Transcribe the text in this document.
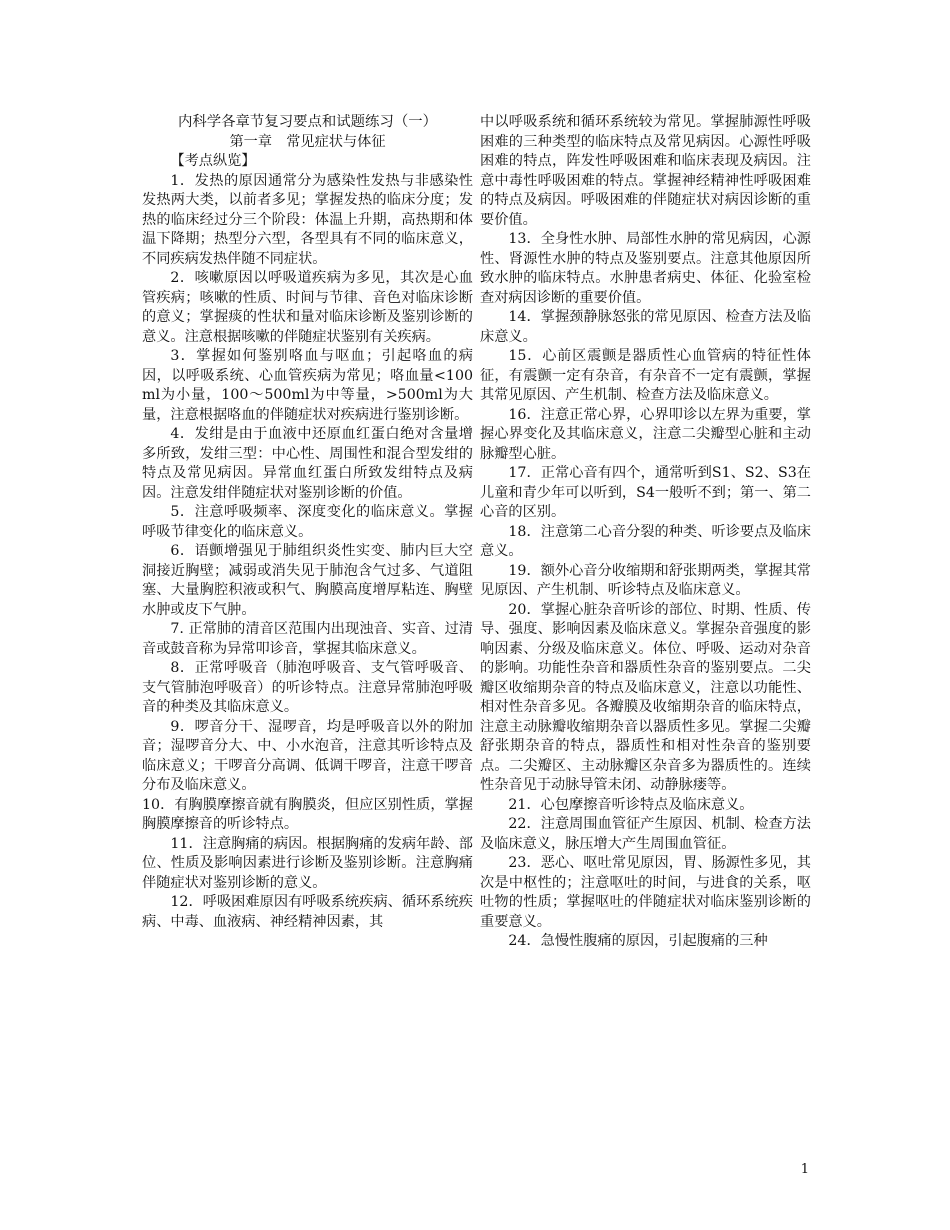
内科学各章节复习要点和试题练习（一）

第一章　常见症状与体征

【考点纵览】

1．发热的原因通常分为感染性发热与非感染性发热两大类，以前者多见；掌握发热的临床分度；发热的临床经过分三个阶段：体温上升期，高热期和体温下降期；热型分六型，各型具有不同的临床意义，不同疾病发热伴随不同症状。

2．咳嗽原因以呼吸道疾病为多见，其次是心血管疾病；咳嗽的性质、时间与节律、音色对临床诊断的意义；掌握痰的性状和量对临床诊断及鉴别诊断的意义。注意根据咳嗽的伴随症状鉴别有关疾病。

3．掌握如何鉴别咯血与呕血；引起咯血的病因，以呼吸系统、心血管疾病为常见；咯血量<100ml为小量，100～500ml为中等量，>500ml为大量，注意根据咯血的伴随症状对疾病进行鉴别诊断。

4．发绀是由于血液中还原血红蛋白绝对含量增多所致，发绀三型：中心性、周围性和混合型发绀的特点及常见病因。异常血红蛋白所致发绀特点及病因。注意发绀伴随症状对鉴别诊断的价值。

5．注意呼吸频率、深度变化的临床意义。掌握呼吸节律变化的临床意义。

6．语颤增强见于肺组织炎性实变、肺内巨大空洞接近胸壁；减弱或消失见于肺泡含气过多、气道阻塞、大量胸腔积液或积气、胸膜高度增厚粘连、胸壁水肿或皮下气肿。

7. 正常肺的清音区范围内出现浊音、实音、过清音或鼓音称为异常叩诊音，掌握其临床意义。

8．正常呼吸音（肺泡呼吸音、支气管呼吸音、支气管肺泡呼吸音）的听诊特点。注意异常肺泡呼吸音的种类及其临床意义。

9．啰音分干、湿啰音，均是呼吸音以外的附加音；湿啰音分大、中、小水泡音，注意其听诊特点及临床意义；干啰音分高调、低调干啰音，注意干啰音分布及临床意义。

10．有胸膜摩擦音就有胸膜炎，但应区别性质，掌握胸膜摩擦音的听诊特点。

11．注意胸痛的病因。根据胸痛的发病年龄、部位、性质及影响因素进行诊断及鉴别诊断。注意胸痛伴随症状对鉴别诊断的意义。

12．呼吸困难原因有呼吸系统疾病、循环系统疾病、中毒、血液病、神经精神因素，其

中以呼吸系统和循环系统较为常见。掌握肺源性呼吸困难的三种类型的临床特点及常见病因。心源性呼吸困难的特点，阵发性呼吸困难和临床表现及病因。注意中毒性呼吸困难的特点。掌握神经精神性呼吸困难的特点及病因。呼吸困难的伴随症状对病因诊断的重要价值。

13．全身性水肿、局部性水肿的常见病因，心源性、肾源性水肿的特点及鉴别要点。注意其他原因所致水肿的临床特点。水肿患者病史、体征、化验室检查对病因诊断的重要价值。

14．掌握颈静脉怒张的常见原因、检查方法及临床意义。

15．心前区震颤是器质性心血管病的特征性体征，有震颤一定有杂音，有杂音不一定有震颤，掌握其常见原因、产生机制、检查方法及临床意义。

16．注意正常心界，心界叩诊以左界为重要，掌握心界变化及其临床意义，注意二尖瓣型心脏和主动脉瓣型心脏。

17．正常心音有四个，通常听到S1、S2、S3在儿童和青少年可以听到，S4一般听不到；第一、第二心音的区别。

18．注意第二心音分裂的种类、听诊要点及临床意义。

19．额外心音分收缩期和舒张期两类，掌握其常见原因、产生机制、听诊特点及临床意义。

20．掌握心脏杂音听诊的部位、时期、性质、传导、强度、影响因素及临床意义。掌握杂音强度的影响因素、分级及临床意义。体位、呼吸、运动对杂音的影响。功能性杂音和器质性杂音的鉴别要点。二尖瓣区收缩期杂音的特点及临床意义，注意以功能性、相对性杂音多见。各瓣膜及收缩期杂音的临床特点，注意主动脉瓣收缩期杂音以器质性多见。掌握二尖瓣舒张期杂音的特点，器质性和相对性杂音的鉴别要点。二尖瓣区、主动脉瓣区杂音多为器质性的。连续性杂音见于动脉导管未闭、动静脉瘘等。

21．心包摩擦音听诊特点及临床意义。

22．注意周围血管征产生原因、机制、检查方法及临床意义，脉压增大产生周围血管征。

23．恶心、呕吐常见原因，胃、肠源性多见，其次是中枢性的；注意呕吐的时间，与进食的关系，呕吐物的性质；掌握呕吐的伴随症状对临床鉴别诊断的重要意义。

24．急慢性腹痛的原因，引起腹痛的三种

1
